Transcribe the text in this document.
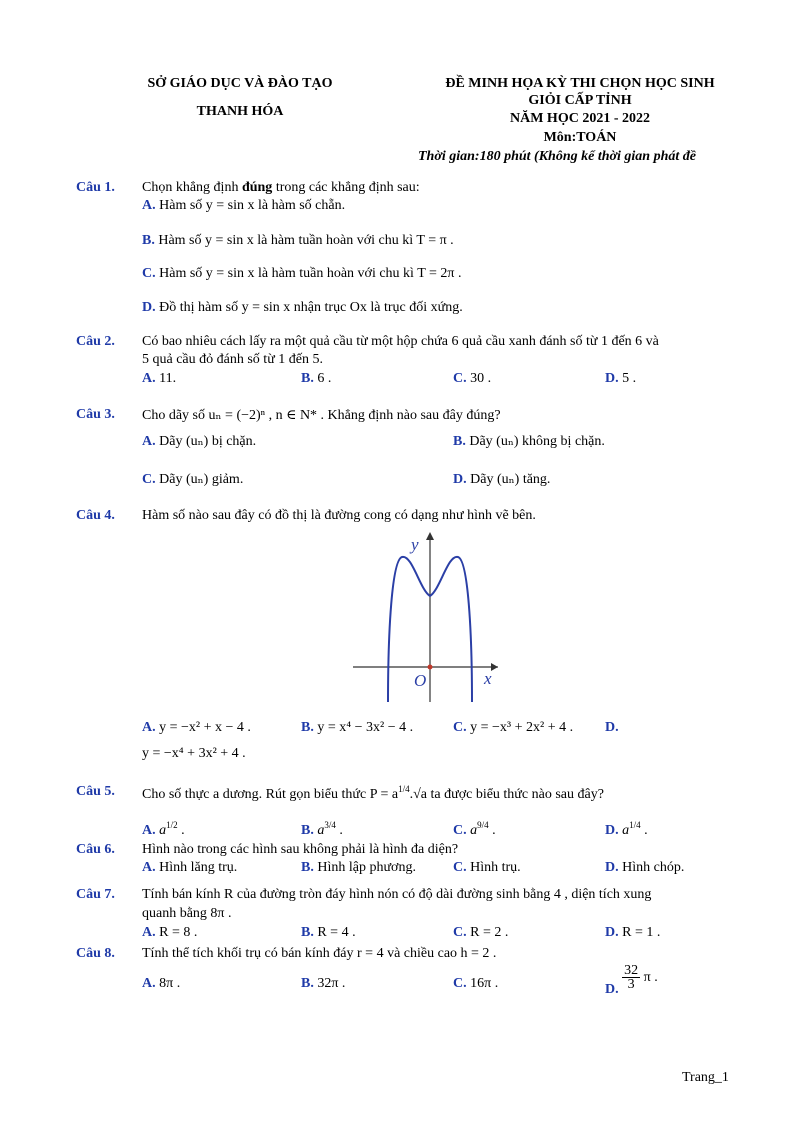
SỞ GIÁO DỤC VÀ ĐÀO TẠO
THANH HÓA
ĐỀ MINH HỌA KỲ THI CHỌN HỌC SINH
GIỎI CẤP TỈNH
NĂM HỌC 2021 - 2022
Môn:TOÁN
Thời gian:180 phút (Không kể thời gian phát đề
Câu 1. Chọn khẳng định đúng trong các khẳng định sau:
A. Hàm số y = sin x là hàm số chẵn.
B. Hàm số y = sin x là hàm tuần hoàn với chu kì T = π .
C. Hàm số y = sin x là hàm tuần hoàn với chu kì T = 2π .
D. Đồ thị hàm số y = sin x nhận trục Ox là trục đối xứng.
Câu 2. Có bao nhiêu cách lấy ra một quả cầu từ một hộp chứa 6 quả cầu xanh đánh số từ 1 đến 6 và
5 quả cầu đỏ đánh số từ 1 đến 5.
A. 11.	B. 6 .	C. 30 .	D. 5 .
Câu 3. Cho dãy số uₙ = (−2)ⁿ , n ∈ N* . Khẳng định nào sau đây đúng?
A. Dãy (uₙ) bị chặn.	B. Dãy (uₙ) không bị chặn.
C. Dãy (uₙ) giảm.	D. Dãy (uₙ) tăng.
Câu 4. Hàm số nào sau đây có đồ thị là đường cong có dạng như hình vẽ bên.
y
x
O
A. y = −x² + x − 4 .	B. y = x⁴ − 3x² − 4 .	C. y = −x³ + 2x² + 4 . D.
y = −x⁴ + 3x² + 4 .
Câu 5. Cho số thực a dương. Rút gọn biểu thức $P = a^{1/4}.√a$ ta được biểu thức nào sau đây?
A. $a^{1/2}$ .	B. $a^{3/4}$ .	C. $a^{9/4}$ .	D. $a^{1/4}$ .
Câu 6. Hình nào trong các hình sau không phải là hình đa diện?
A. Hình lăng trụ.	B. Hình lập phương.	C. Hình trụ.	D. Hình chóp.
Câu 7. Tính bán kính R của đường tròn đáy hình nón có độ dài đường sinh bằng 4 , diện tích xung
quanh bằng 8π .
A. R = 8 .	B. R = 4 .	C. R = 2 .	D. R = 1 .
Câu 8. Tính thể tích khối trụ có bán kính đáy r = 4 và chiều cao h = 2 .
A. 8π .	B. 32π .	C. 16π .	D. $\frac{32}{3}$ π .
Trang_1
